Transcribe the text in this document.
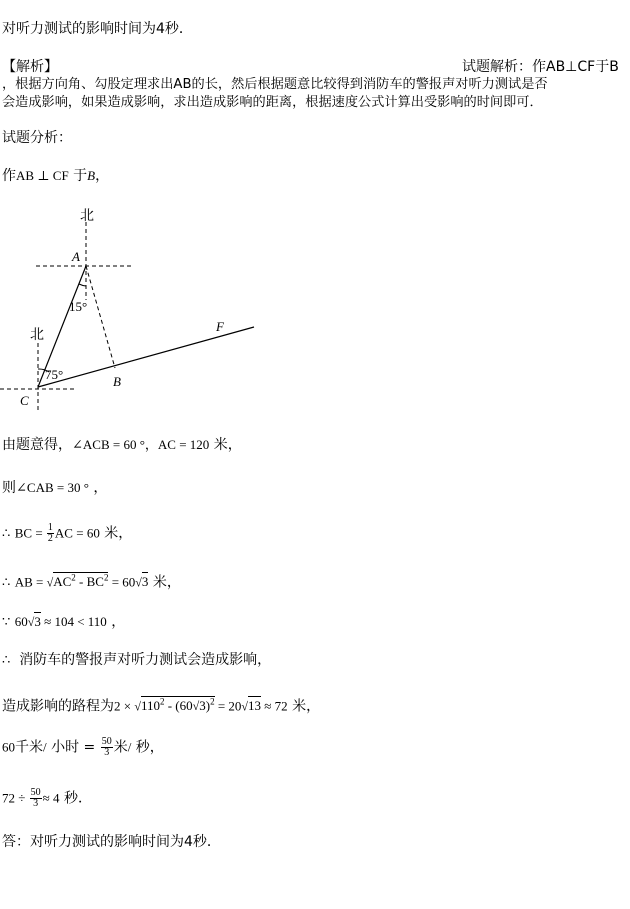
对听力测试的影响时间为4秒．
【解析】	试题解析：作AB⊥CF于B
，根据方向角、勾股定理求出AB的长，然后根据题意比较得到消防车的警报声对听力测试是否
会造成影响，如果造成影响，求出造成影响的距离，根据速度公式计算出受影响的时间即可．
试题分析：
作AB ⊥ CF 于B，
北
北
A
B
C
F
15°
75°
由题意得，∠ACB = 60 °，AC = 120 米，
则∠CAB = 30 ° ，
∴ BC = $\frac{1}{2}$ AC = 60 米，
∴ AB = $√AC^2 - BC^2 = 60√3$ 米，
∵ 60√3 ≈ 104 < 110 ，
∴ 消防车的警报声对听力测试会造成影响，
造成影响的路程为$2 \times √110^2 - (60√3)^2 = 20√13 \approx 72$ 米，
60千米/ 小时 = $\frac{50}{3}$ 米/ 秒，
$72 \div \frac{50}{3} \approx 4$ 秒．
答：对听力测试的影响时间为4秒．
